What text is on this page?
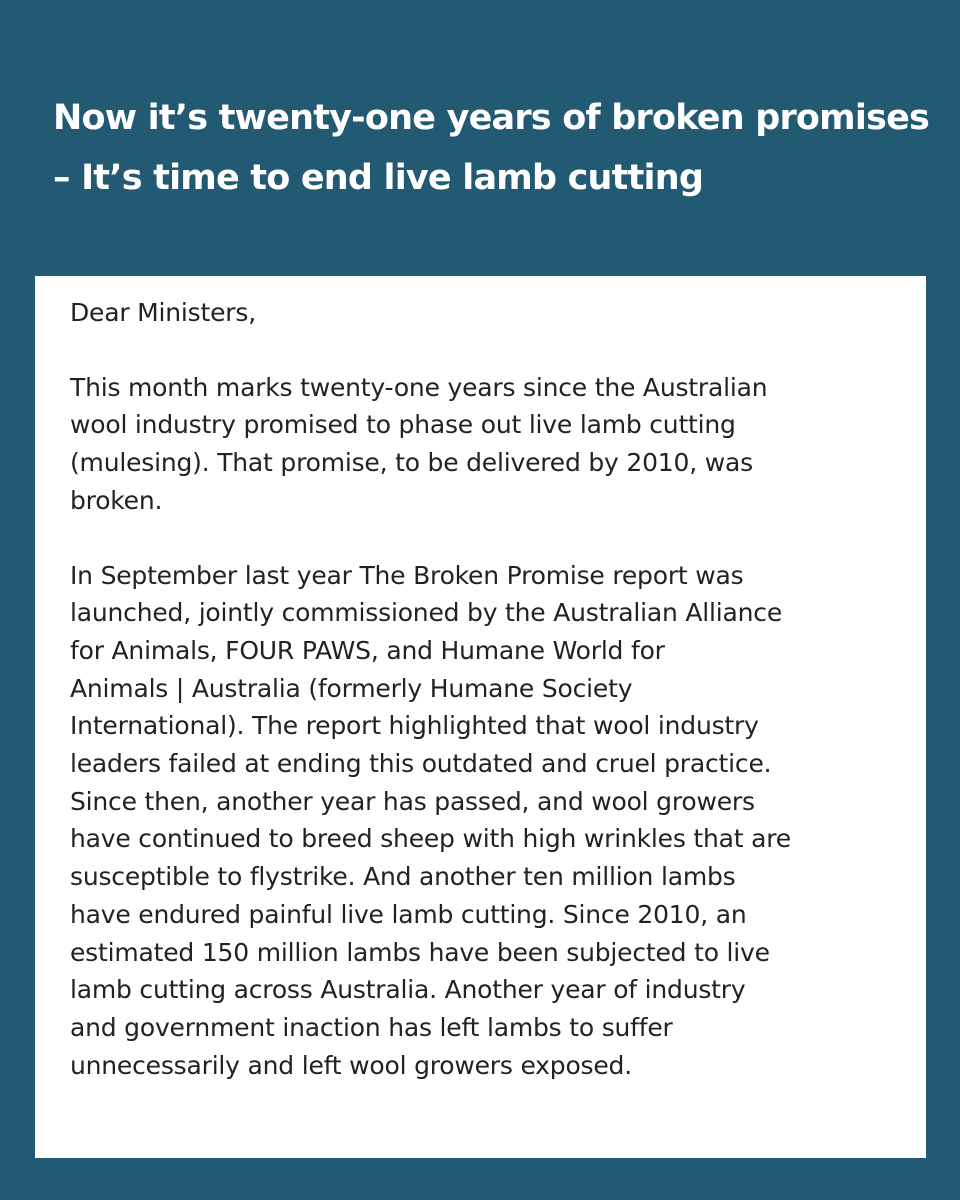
Now it’s twenty-one years of broken promises
– It’s time to end live lamb cutting

Dear Ministers,

This month marks twenty-one years since the Australian
wool industry promised to phase out live lamb cutting
(mulesing). That promise, to be delivered by 2010, was
broken.

In September last year The Broken Promise report was
launched, jointly commissioned by the Australian Alliance
for Animals, FOUR PAWS, and Humane World for
Animals | Australia (formerly Humane Society
International). The report highlighted that wool industry
leaders failed at ending this outdated and cruel practice.
Since then, another year has passed, and wool growers
have continued to breed sheep with high wrinkles that are
susceptible to flystrike. And another ten million lambs
have endured painful live lamb cutting. Since 2010, an
estimated 150 million lambs have been subjected to live
lamb cutting across Australia. Another year of industry
and government inaction has left lambs to suffer
unnecessarily and left wool growers exposed.
